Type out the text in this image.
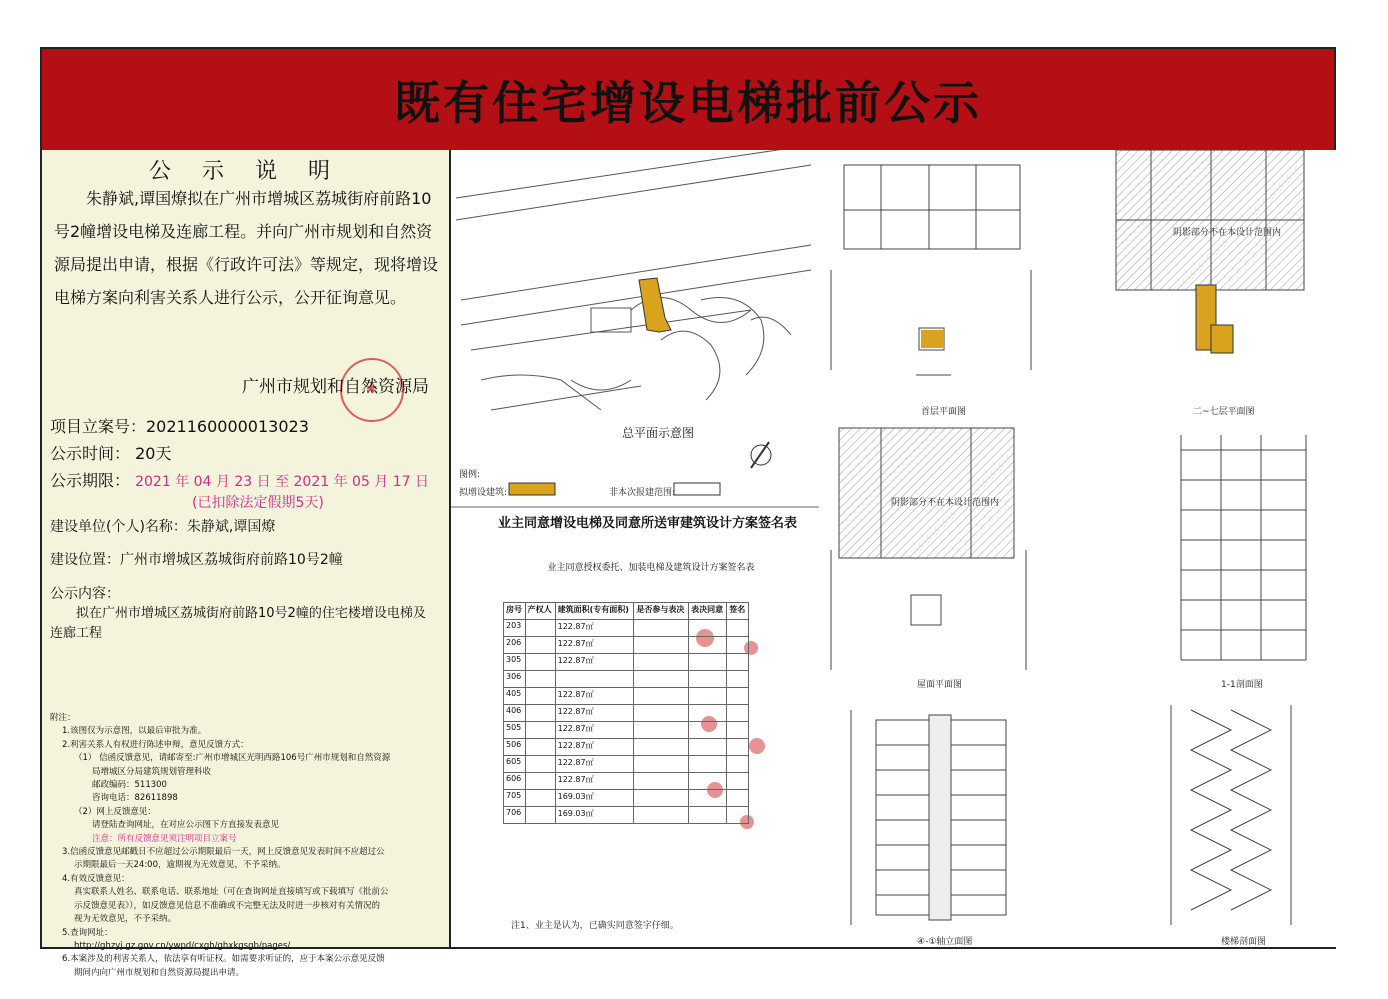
既有住宅增设电梯批前公示
公 示 说 明

朱静斌,谭国燎拟在广州市增城区荔城街府前路10号2幢增设电梯及连廊工程。并向广州市规划和自然资源局提出申请，根据《行政许可法》等规定，现将增设电梯方案向利害关系人进行公示，公开征询意见。

★
广州市规划和自然资源局
项目立案号：2021160000013023
公示时间： 20天
公示期限： 2021 年 04 月 23 日 至 2021 年 05 月 17 日
(已扣除法定假期5天)
建设单位(个人)名称：朱静斌,谭国燎
建设位置：广州市增城区荔城街府前路10号2幢
公示内容：
拟在广州市增城区荔城街府前路10号2幢的住宅楼增设电梯及连廊工程
附注：
1.该图仅为示意图，以最后审批为准。
2.利害关系人有权进行陈述申辩，意见反馈方式：
（1） 信函反馈意见，请邮寄至:广州市增城区光明西路106号广州市规划和自然资源
局增城区分局建筑规划管理科收
邮政编码：511300
咨询电话：82611898
（2）网上反馈意见：
请登陆查询网址，在对应公示图下方直接发表意见
注意：所有反馈意见须注明项目立案号
3.信函反馈意见邮戳日不应超过公示期限最后一天，网上反馈意见发表时间不应超过公
示期限最后一天24:00，逾期视为无效意见，不予采纳。
4.有效反馈意见：
真实联系人姓名、联系电话、联系地址（可在查询网址直接填写或下载填写《批前公
示反馈意见表》），如反馈意见信息不准确或不完整无法及时进一步核对有关情况的
视为无效意见，不予采纳。
5.查询网址：
http://ghzyj.gz.gov.cn/ywpd/cxgh/ghxkgsgb/pages/
6.本案涉及的利害关系人，依法享有听证权。如需要求听证的，应于本案公示意见反馈
期间内向广州市规划和自然资源局提出申请。
总平面示意图
图例:
拟增设建筑:	非本次报建范围:
首层平面图	二~七层平面图
阴影部分不在本设计范围内
阴影部分不在本设计范围内
屋面平面图	1-1剖面图
④-①轴立面图	楼梯剖面图
业主同意增设电梯及同意所送审建筑设计方案签名表
业主同意授权委托、加装电梯及建筑设计方案签名表
房号	产权人	建筑面积(专有面积)	是否参与表决	表决同意	签名
203		122.87㎡			
206		122.87㎡			
305		122.87㎡			
306					
405		122.87㎡			
406		122.87㎡			
505		122.87㎡			
506		122.87㎡			
605		122.87㎡			
606		122.87㎡			
705		169.03㎡			
706		169.03㎡			
注1、业主是认为，已确实同意签字仔细。
